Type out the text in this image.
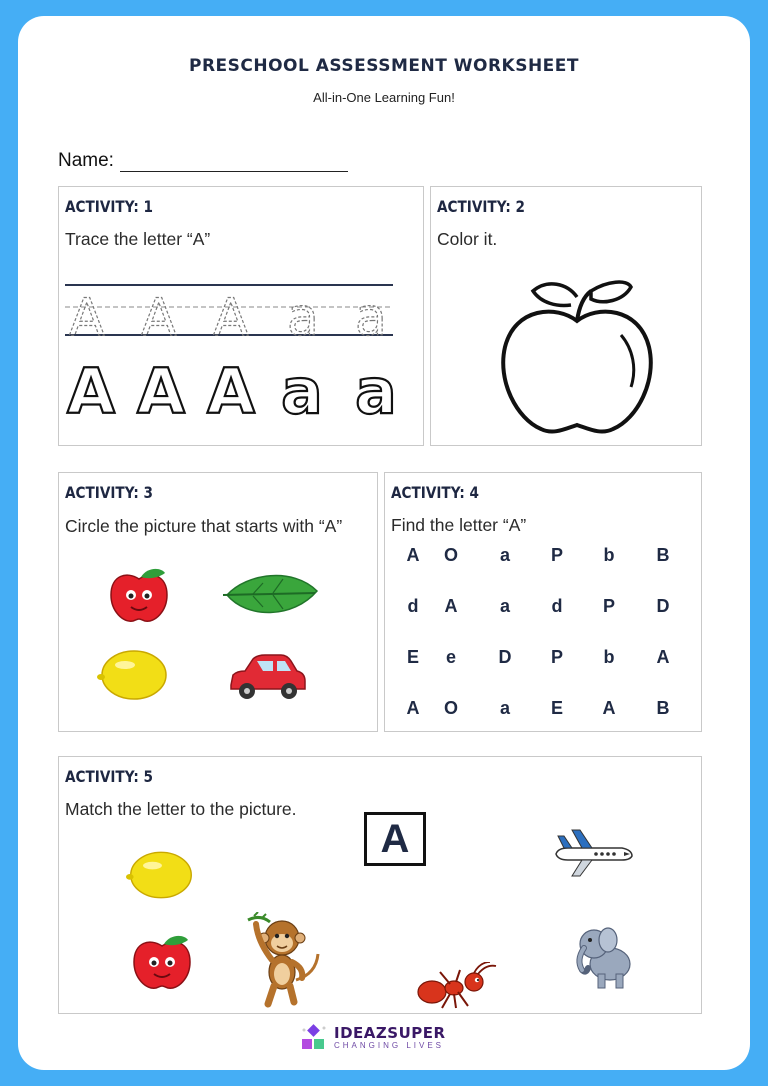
PRESCHOOL ASSESSMENT WORKSHEET
All-in-One Learning Fun!
Name:
ACTIVITY: 1
Trace the letter “A”
A A A a a
A A A a a
ACTIVITY: 2
Color it.
ACTIVITY: 3
Circle the picture that starts with “A”
ACTIVITY: 4
Find the letter “A”
A	O	a	P	b	B
d	A	a	d	P	D
E	e	D	P	b	A
A	O	a	E	A	B
ACTIVITY: 5
Match the letter to the picture.
A
IDEAZSUPER
CHANGING LIVES
